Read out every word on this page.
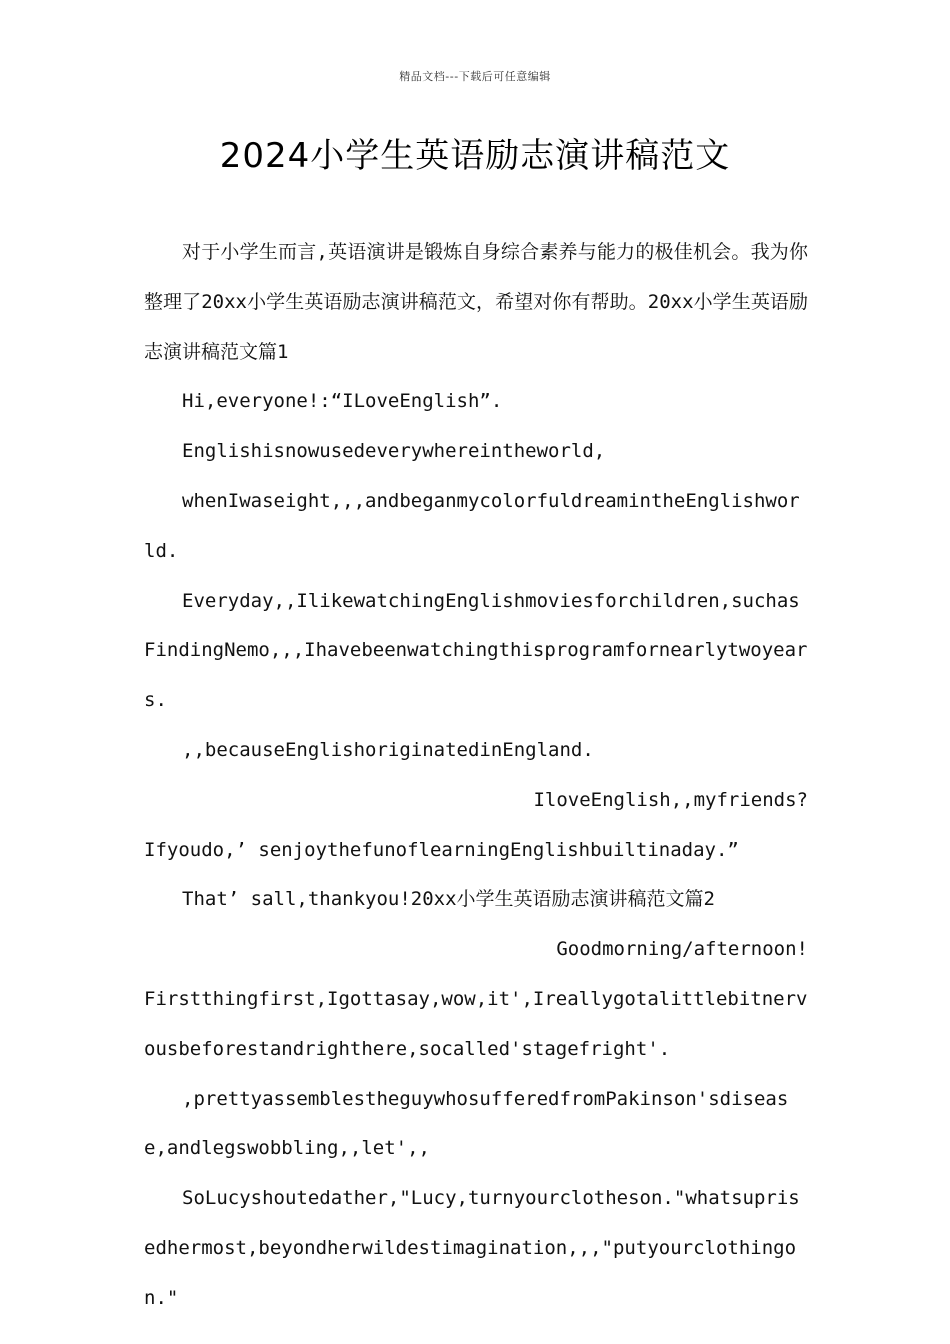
精品文档---下载后可任意编辑
2024小学生英语励志演讲稿范文

对于小学生而言,英语演讲是锻炼自身综合素养与能力的极佳机会。我为你整理了20xx小学生英语励志演讲稿范文，希望对你有帮助。20xx小学生英语励志演讲稿范文篇1

Hi,everyone!:“ILoveEnglish”.

Englishisnowusedeverywhereintheworld,

whenIwaseight,,,andbeganmycolorfuldreamintheEnglishworld.

Everyday,,IlikewatchingEnglishmoviesforchildren,suchasFindingNemo,,,Ihavebeenwatchingthisprogramfornearlytwoyears.

,,becauseEnglishoriginatedinEngland.

IloveEnglish,,myfriends?

Ifyoudo,’ senjoythefunoflearningEnglishbuiltinaday.”

That’ sall,thankyou!20xx小学生英语励志演讲稿范文篇2

Goodmorning/afternoon!

Firstthingfirst,Igottasay,wow,it',Ireallygotalittlebitnervousbeforestandrighthere,socalled'stagefright'.

,prettyassemblestheguywhosufferedfromPakinson'sdisease,andlegswobbling,,let',,

SoLucyshoutedather,"Lucy,turnyourclotheson."whatsuprisedhermost,beyondherwildestimagination,,,"putyourclothingon."
